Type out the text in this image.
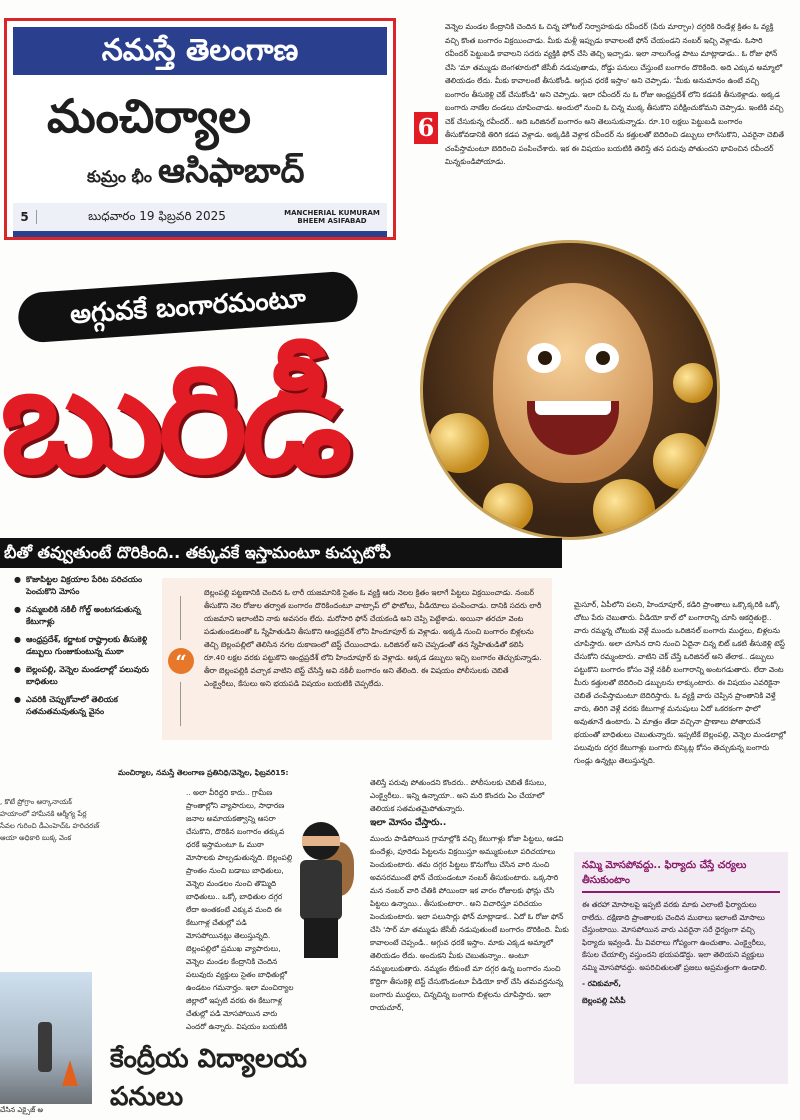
నమస్తే తెలంగాణ
మంచిర్యాల
కుమ్రం భీం ఆసిఫాబాద్
5	బుధవారం 19 ఫిబ్రవరి 2025	MANCHERIAL KUMURAM BHEEM ASIFABAD
6

వెన్నెల మండల కేంద్రానికి చెందిన ఓ చిన్న హోటల్ నిర్వాహకుడు రవీందర్ (పేరు మార్చాం) దగ్గరికి రెండేళ్ల క్రితం ఓ వ్యక్తి వచ్చి కొంత బంగారం విక్రయించాడు. మీకు మళ్లీ ఇప్పుడు కావాలంటే ఫోన్ చేయండని నంబర్ ఇచ్చి వెళ్లాడు. ఓసారి రవీందర్ పెట్టుబడి కావాలని సదరు వ్యక్తికి ఫోన్ చేసి తెచ్చి ఇచ్చాడు. ఇలా నాలుగేండ్ల పాటు మాట్లాడాడు.. ఓ రోజు ఫోన్ చేసి 'మా తమ్ముడు బెంగళూరులో జేసీబీ నడుపుతాడు, రోడ్డు పనులు చేస్తుంటే బంగారం దొరికింది. అది ఎక్కువ అమ్మాలో తెలియడం లేదు. మీకు కావాలంటే తీసుకోండి. అగ్గువ ధరకే ఇస్తాం' అని చెప్పాడు. 'మీకు అనుమానం ఉంటే వచ్చి బంగారం తీసుకెళ్లి చెక్ చేసుకోండి' అని చెప్పాడు. ఇలా రవీందర్ ను ఓ రోజు ఆంధ్రప్రదేశ్ లోని కడపకి తీసుకెళ్లాడు. అక్కడ బంగారు నాణేల దండలు చూపించాడు. అందులో నుంచి ఓ చిన్న ముక్క తీసుకొని పరీక్షించుకోమని చెప్పాడు. ఇంటికి వచ్చి చెక్ చేసుకున్న రవీందర్.. అది ఒరిజినల్ బంగారం అని తెలుసుకున్నాడు. రూ.10 లక్షలు పెట్టుబడి బంగారం తీసుకోవడానికి తిరిగి కడప వెళ్లాడు. అక్కడికి వెళ్లాక రవీందర్ ను కత్తులతో బెదిరించి డబ్బులు లాగేసుకొని, ఎవరైనా చెబితే చంపేస్తామంటూ బెదిరించి పంపించేశారు. ఇక ఈ విషయం బయటికి తెలిస్తే తన పరువు పోతుందని భావించిన రవీందర్ మిన్నకుండిపోయాడు.

అగ్గువకే బంగారమంటూ
బురిడీ
బీతో తవ్వుతుంటే దొరికింది.. తక్కువకే ఇస్తామంటూ కుచ్చుటోపీ
● కొజాపిట్టల విక్రయాల పేరిట పరిచయం పెంచుకొని మోసం
● నమ్మబలికి నకిలీ గోల్డ్ అంటగడుతున్న కేటుగాళ్లు
● ఆంధ్రప్రదేశ్, కర్ణాటక రాష్ట్రాలకు తీసుకెళ్లి డబ్బులు గుంజుకుంటున్న ముఠా
● బెల్లంపల్లి, వెన్నెల మండలాల్లో పలువురు బాధితులు
● ఎవరికి చెప్పుకోవాలో తెలియక సతమతమవుతున్న వైనం
“

బెల్లంపల్లి పట్టణానికి చెందిన ఓ లారీ యజమానికి సైతం ఓ వ్యక్తి ఆరు నెలల క్రితం ఇలాగే పిట్టలు విక్రయించాడు. నంబర్ తీసుకొని నెల రోజుల తర్వాత బంగారం దొరికిందంటూ వాట్సాప్ లో ఫొటోలు, వీడియోలు పంపించాడు. దానికి సదరు లారీ యజమాని ఇలాంటివి నాకు అవసరం లేదు. మరోసారి ఫోన్ చేయకండి అని చెప్పి పెట్టేశాడు. అయినా తరచూ వెంట పడుతుండటంతో ఓ స్నేహితుడిని తీసుకొని ఆంధ్రప్రదేశ్ లోని హిందూపూర్ కు వెళ్లాడు. అక్కడి నుంచి బంగారం బిళ్లలను తెచ్చి బెల్లంపల్లిలో తెలిసిన నగల దుకాణంలో టెస్ట్ చేయించాడు. ఒరిజినల్ అని చెప్పడంతో తన స్నేహితుడితో కలిసి రూ.40 లక్షల వరకు పట్టుకొని ఆంధ్రప్రదేశ్ లోని హిందూపూర్ కు వెళ్లాడు. అక్కడ డబ్బులు ఇచ్చి బంగారం తెచ్చుకున్నాడు. తీరా బెల్లంపల్లికి వచ్చాక వాటిని టెస్ట్ చేసిస్తే అవి నకిలీ బంగారం అని తేలింది. ఈ విషయం పోలీసులకు చెబితే ఎంక్వైరీలు, కేసులు అని భయపడి విషయం బయటికి చెప్పలేదు.

మైసూర్, ఏపీలోని పలని, హిందూపూర్, కడిరి ప్రాంతాలు ఒక్కొక్కరికి ఒక్కో చోటు పేరు చెబుతారు. వీడియో కాల్ లో బంగారాన్ని చూసి ఆకర్షితులై.. వారు రమ్మన్న చోటుకు వెళ్లే ముందు ఒరిజినల్ బంగారు ముద్దలు, బిళ్లలను చూపిస్తారు. అలా చూసిన దాని నుంచి ఏదైనా చిన్న బిట్ ఒకటి తీసుకెళ్లి టెస్ట్ చేసుకోని రమ్మంటారు. వాటిని చెక్ చేస్తే ఒరిజినల్ అని తేలాక.. డబ్బులు పట్టుకొని బంగారం కోసం వెళ్లే నకిలీ బంగారాన్ని అంటగడుతారు. లేదా వెంట మీరు కత్తులతో బెదిరించి డబ్బులను లాక్కుంటారు. ఈ విషయం ఎవరికైనా చెబితే చంపేస్తామంటూ బెదిరిస్తారు. ఓ వ్యక్తి వారు చెప్పిన ప్రాంతానికి వెళ్తే వారు, తిరిగి వెళ్లే వరకు కేటుగాళ్ల మనుషులు ఏదో ఒకరకంగా ఫాలో అవుతూనే ఉంటారు. ఏ మాత్రం తేడా వచ్చినా ప్రాణాలు పోతాయనే భయంతో బాధితులు చెబుతున్నారు. ఇప్పటికే బెల్లంపల్లి, వెన్నెల మండలాల్లో పలువురు దగ్గర కేటుగాళ్లు బంగారు బిస్కెట్ల కోసం తెచ్చుకున్న బంగారు గుండ్లు ఉన్నట్లు తెలుస్తున్నది.

నమ్మి మోసపోవద్దు.. ఫిర్యాదు చేస్తే చర్యలు తీసుకుంటాం

ఈ తరహా మోసాలపై ఇప్పటి వరకు మాకు ఎలాంటి ఫిర్యాదులు రాలేదు. దక్షిణాది ప్రాంతాలకు చెందిన ముఠాలు ఇలాంటి మోసాలు చేస్తుంటాయి. మోసపోయిన వారు ఎవరైనా సరే ధైర్యంగా వచ్చి ఫిర్యాదు ఇవ్వండి. మీ వివరాలు గోప్యంగా ఉంచుతాం. ఎంక్వైరీలు, కేసుల చేయాల్సి వస్తుందని భయపడొద్దు. ఇలా తెలియని వ్యక్తులు నమ్మి మోసపోవద్దు. అపరిచితులతో ప్రజలు అప్రమత్తంగా ఉండాలి.

- రవికుమార్,
బెల్లంపల్లి ఏసీపీ
మంచిర్యాల, నమస్తే తెలంగాణ ప్రతినిధి/వెన్నెల, ఫిబ్రవరి15:

.. అలా వీరిద్దరి కాదు.. గ్రామీణ ప్రాంతాల్లోని వ్యాపారులు, సాధారణ జనాల అమాయకత్వాన్ని ఆసరా చేసుకొని, దొరికిన బంగారం తక్కువ ధరకే ఇస్తామంటూ ఓ ముఠా మోసాలకు పాల్పడుతున్నది. బెల్లంపల్లి ప్రాంతం నుంచి బడాబు బాధితులు, వెన్నెల మండలం నుంచి తొమ్మిది బాధితులు.. ఒక్కో బాధితుల దగ్గర లేదా అంతకంటే ఎక్కువ మంది ఈ కేటుగాళ్ల చేతుల్లో పడి మోసపోయినట్లు తెలుస్తున్నది. బెల్లంపల్లిలో ప్రముఖ వ్యాపారులు, వెన్నెల మండల కేంద్రానికి చెందిన పలువురు వ్యక్తులు సైతం బాధితుల్లో ఉండటం గమనార్హం. ఇలా మంచిర్యాల జిల్లాలో ఇప్పటి వరకు ఈ కేటుగాళ్ల చేతుల్లో పడి మోసపోయిన వారు ఎందరో ఉన్నారు. విషయం బయటికి

తెలిస్తే పరువు పోతుందని కొందరు.. పోలీసులకు చెబితే కేసులు, ఎంక్వైరీలు.. ఇన్ని ఉన్నాయా.. అని మరి కొందరు ఏం చేయాలో తెలియక సతమతమైపోతున్నారు.

ఇలా మోసం చేస్తారు..

ముందు పాడిపోయిన గ్రామాల్లోకి వచ్చి కేటుగాళ్లు కోజా పిట్టలు, ఆడవి కుందేళ్లు, పూరెడు పిట్టలను విక్రయిస్తూ అమ్ముకుంటూ పరిచయాలు పెంచుకుంటారు. తమ దగ్గర పిట్టలు కొనుగోలు చేసిన వారి నుంచి అవసరముంటే ఫోన్ చేయండంటూ నంబర్ తీసుకుంటారు. ఒక్కసారి మన నంబర్ వారి చేతికి పోయిందా ఇక వారం రోజులకు ఫోన్లు చేసి పిట్టలు ఉన్నాయి.. తీసుకుంటారా.. అని విచారిస్తూ పరిచయం పెంచుకుంటారు. ఇలా పలుసార్లు ఫోన్ మాట్లాడాక.. ఏదో ఓ రోజు ఫోన్ చేసి 'సార్ మా తమ్ముడు జేసీబీ నడుపుతుంటే బంగారం దొరికింది. మీకు కావాలంటే చెప్పండి.. అగ్గువ ధరకే ఇస్తాం. మాకు ఎక్కడ అమ్మాలో తెలియడం లేదు. అందుకని మీకు చెబుతున్నాం.. అంటూ నమ్మబలుకుతారు. నమ్మకం లేకుంటే మా దగ్గర ఉన్న బంగారం నుంచి కొద్దిగా తీసుకెళ్లి టెస్ట్ చేసుకొండంటూ వీడియో కాల్ చేసి తమవద్దనున్న బంగారు ముద్దలు, చిన్నచిన్న బంగారు బిళ్లలను చూపిస్తారు. ఇలా రాయచూర్,

, కొటే ప్రోగ్రాం ఆర్కానాయక్ హయాంలో హామీనకి ఆర్మీగ్య పేర్ల సేవల గురించి డీఎంహెచ్ఓ హరిచరణ్ ఆయా అధికారి బుక్క వెంక
చేసిన ఎక్సైజ్ అ
కేంద్రీయ విద్యాలయ పనులు
